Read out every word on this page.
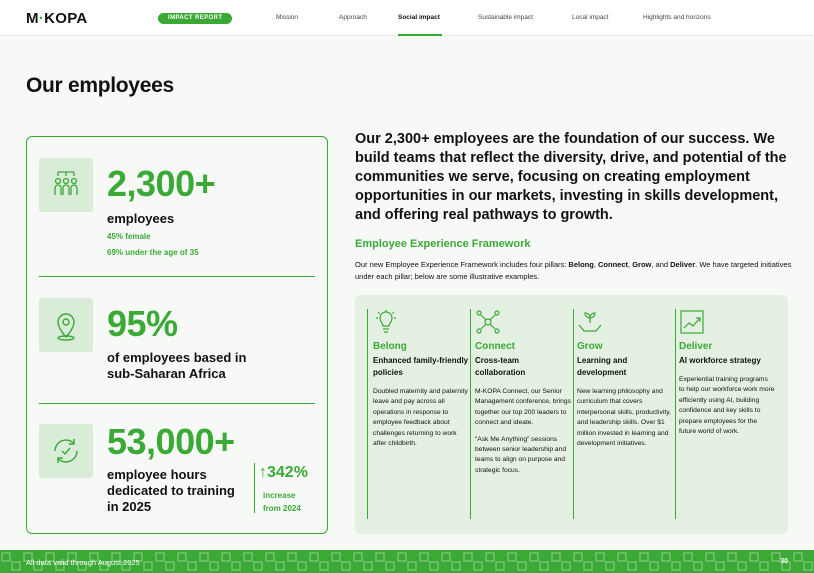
M·KOPA	IMPACT REPORT	Mission	Approach	Social impact	Sustainable impact	Local impact	Highlights and horizons
Our employees
2,300+
employees
45% female
69% under the age of 35
95%
of employees based in
sub-Saharan Africa
53,000+
employee hours
dedicated to training
in 2025
↑342%
increase
from 2024
Our 2,300+ employees are the foundation of our success. We build teams that reflect the diversity, drive, and potential of the communities we serve, focusing on creating employment opportunities in our markets, investing in skills development, and offering real pathways to growth.
Employee Experience Framework
Our new Employee Experience Framework includes four pillars: Belong, Connect, Grow, and Deliver. We have targeted initiatives under each pillar; below are some illustrative examples.
Belong
Enhanced family-friendly policies
Doubled maternity and paternity leave and pay across all operations in response to employee feedback about challenges returning to work after childbirth.
Connect
Cross-team collaboration
M-KOPA Connect, our Senior Management conference, brings together our top 200 leaders to connect and ideate.
“Ask Me Anything” sessions between senior leadership and teams to align on purpose and strategic focus.
Grow
Learning and development
New learning philosophy and curriculum that covers interpersonal skills, productivity, and leadership skills. Over $1 million invested in learning and development initiatives.
Deliver
AI workforce strategy
Experiential training programs to help our workforce work more efficiently using AI, building confidence and key skills to prepare employees for the future world of work.
All data valid through August 2025	30
